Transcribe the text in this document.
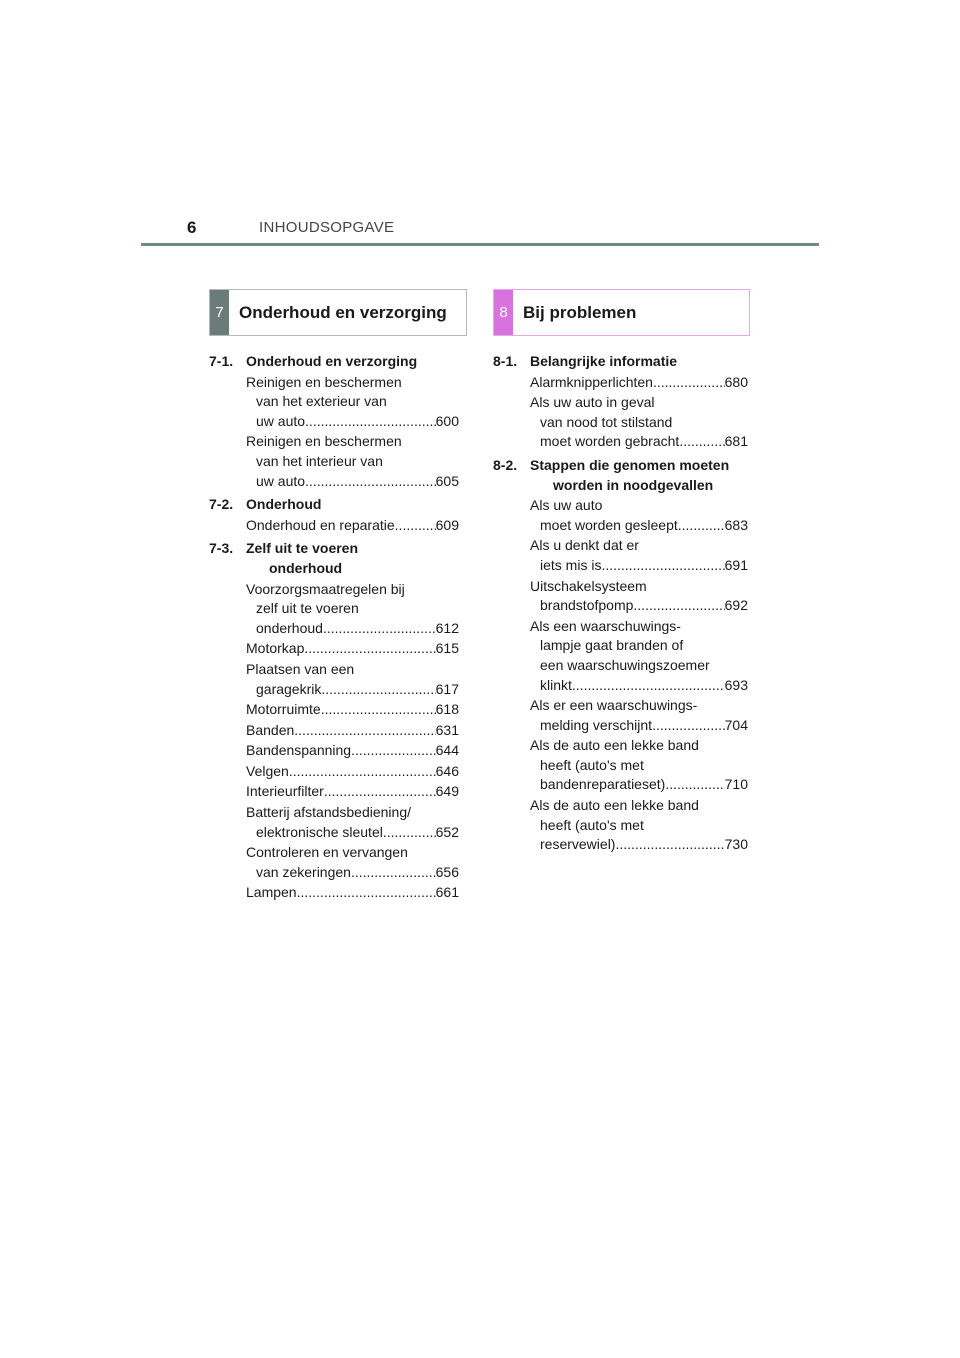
6	INHOUDSOPGAVE
7 Onderhoud en verzorging	8 Bij problemen
7-1. Onderhoud en verzorging
Reinigen en beschermen
van het exterieur van
uw auto .....	600
Reinigen en beschermen
van het interieur van
uw auto .....	605
7-2. Onderhoud
Onderhoud en reparatie .....	609
7-3. Zelf uit te voeren
onderhoud
Voorzorgsmaatregelen bij
zelf uit te voeren
onderhoud .....	612
Motorkap .....	615
Plaatsen van een
garagekrik .....	617
Motorruimte .....	618
Banden .....	631
Bandenspanning .....	644
Velgen .....	646
Interieurfilter .....	649
Batterij afstandsbediening/
elektronische sleutel .....	652
Controleren en vervangen
van zekeringen .....	656
Lampen .....	661
8-1. Belangrijke informatie
Alarmknipperlichten .....	680
Als uw auto in geval
van nood tot stilstand
moet worden gebracht .....	681
8-2. Stappen die genomen moeten
worden in noodgevallen
Als uw auto
moet worden gesleept .....	683
Als u denkt dat er
iets mis is .....	691
Uitschakelsysteem
brandstofpomp .....	692
Als een waarschuwings-
lampje gaat branden of
een waarschuwingszoemer
klinkt .....	693
Als er een waarschuwings-
melding verschijnt .....	704
Als de auto een lekke band
heeft (auto's met
bandenreparatieset) .....	710
Als de auto een lekke band
heeft (auto's met
reservewiel) .....	730
